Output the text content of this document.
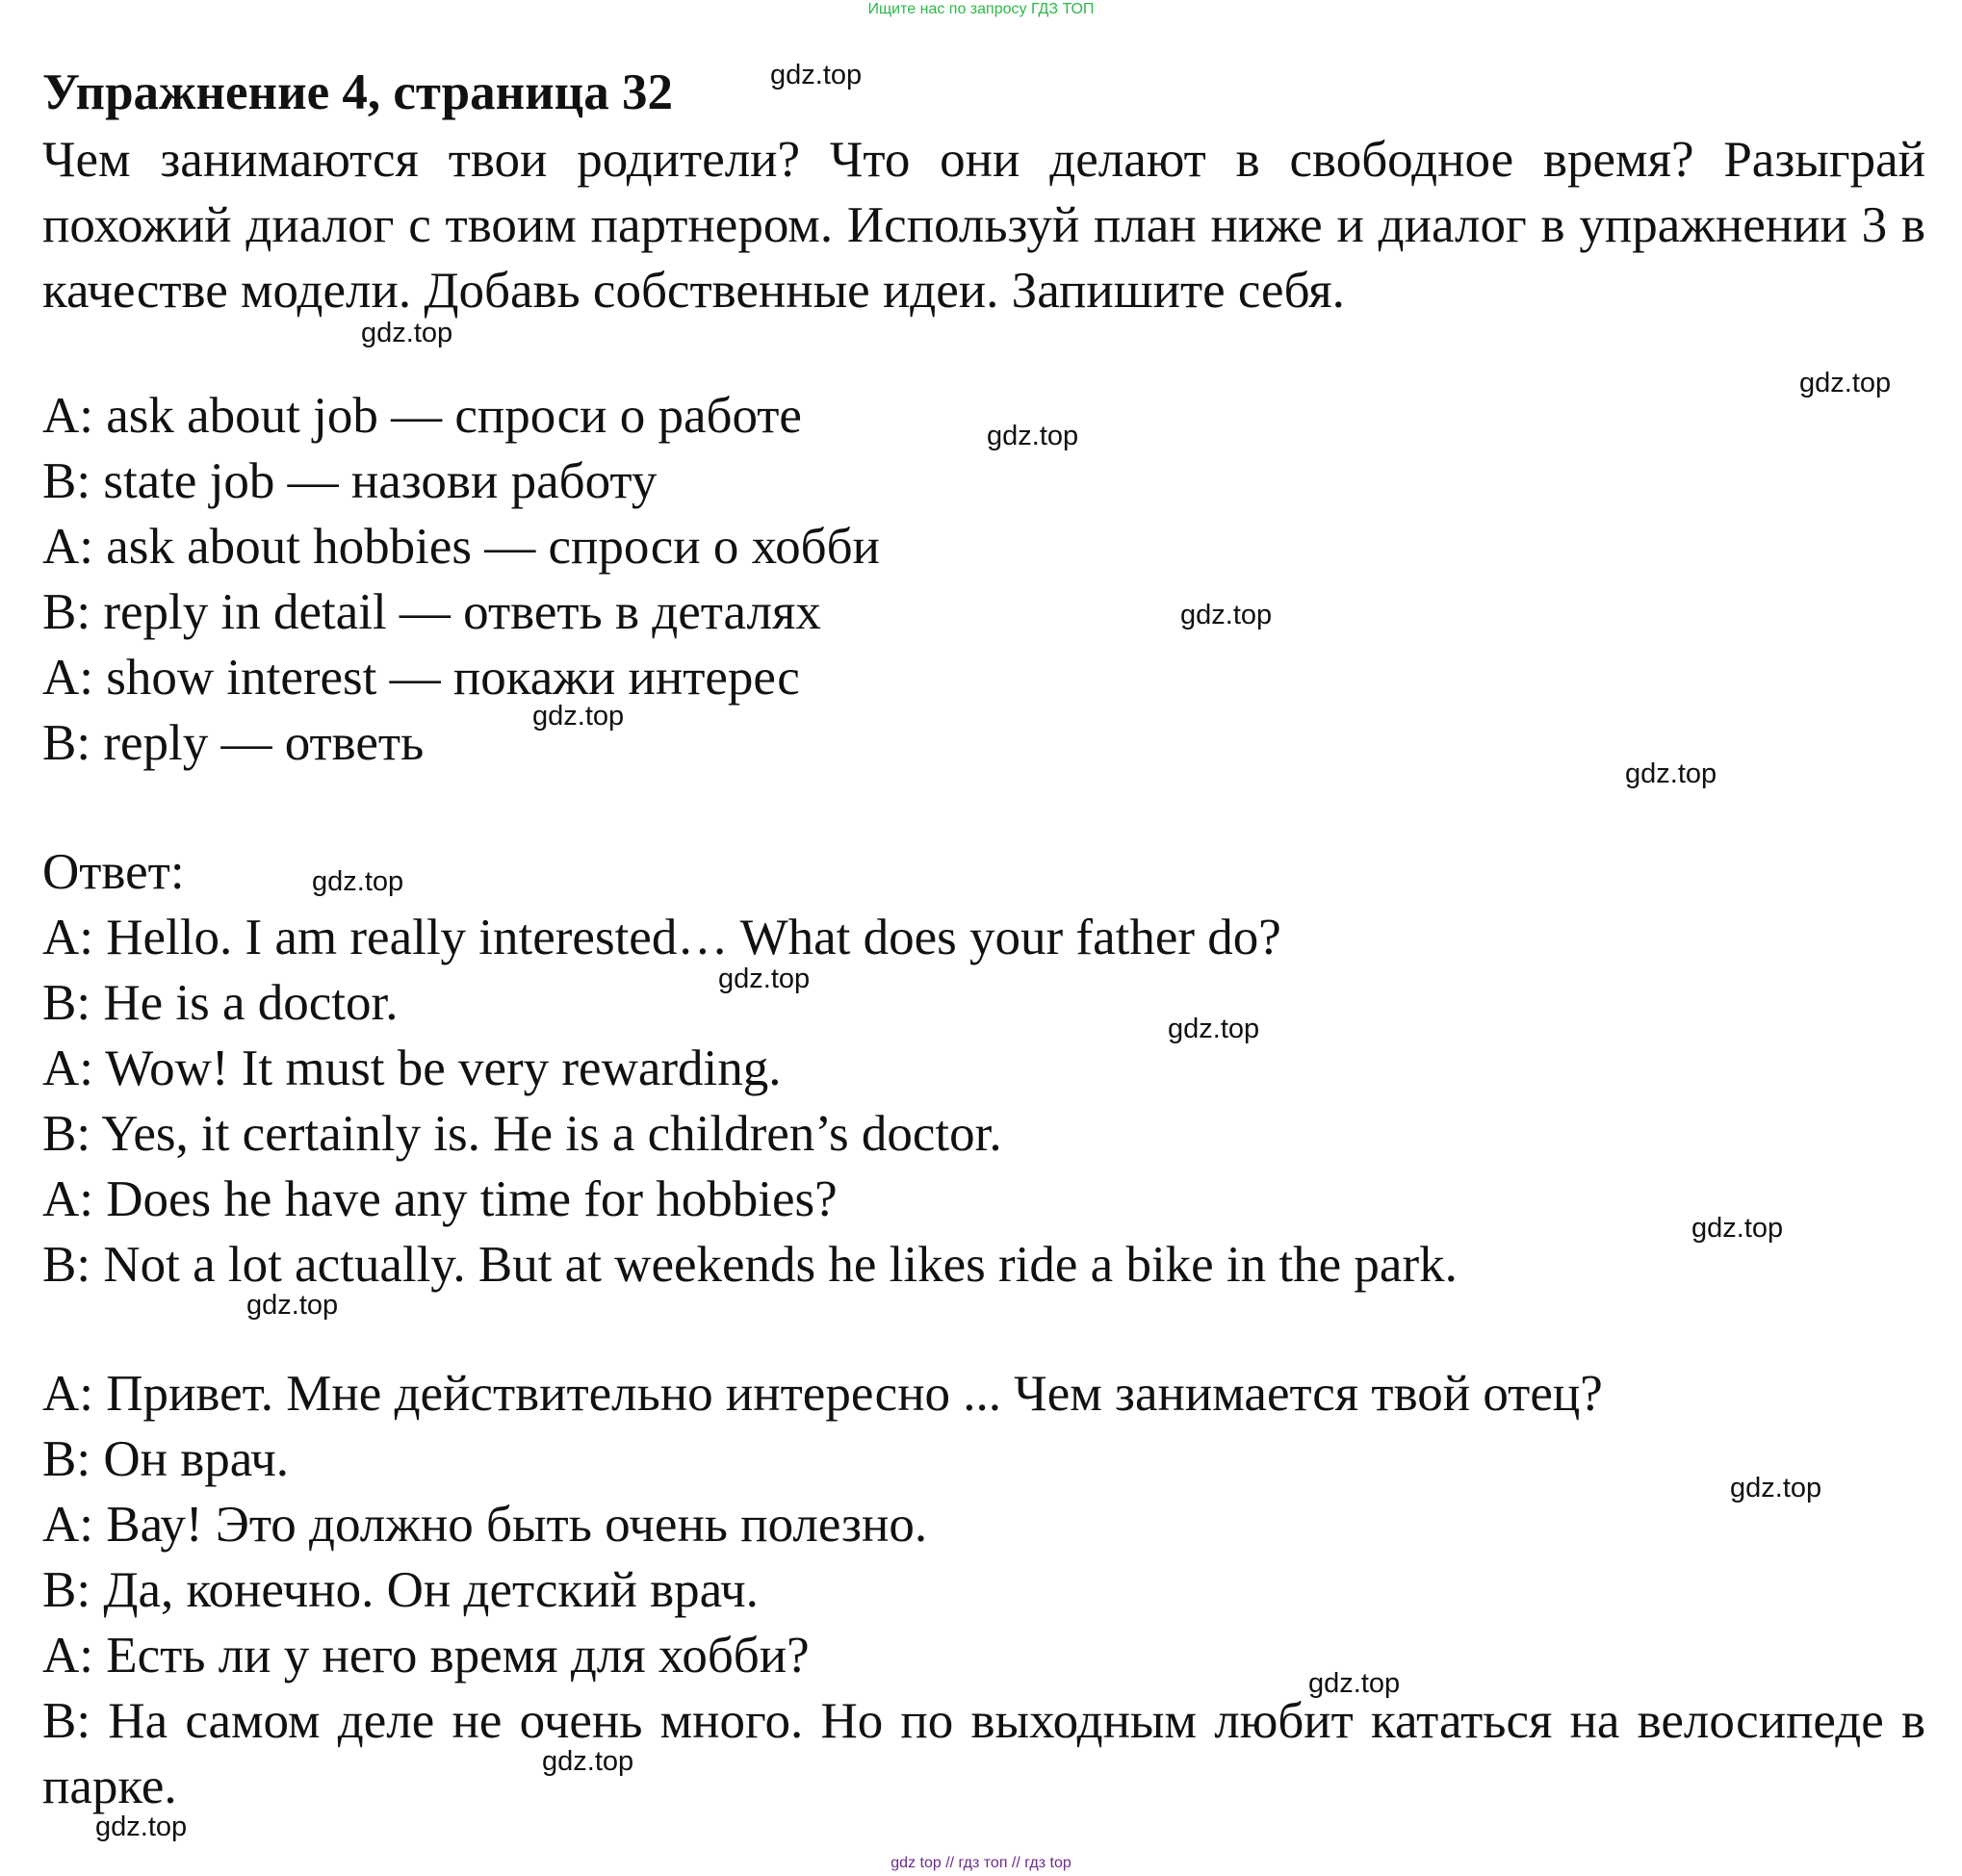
Ищите нас по запросу ГДЗ ТОП
Упражнение 4, страница 32

Чем занимаются твои родители? Что они делают в свободное время? Разыграй похожий диалог с твоим партнером. Используй план ниже и диалог в упражнении 3 в качестве модели. Добавь собственные идеи. Запишите себя.

A: ask about job — спроси о работе
B: state job — назови работу
A: ask about hobbies — спроси о хобби
B: reply in detail — ответь в деталях
A: show interest — покажи интерес
B: reply — ответь

Ответ:

A: Hello. I am really interested… What does your father do?
B: He is a doctor.
A: Wow! It must be very rewarding.
B: Yes, it certainly is. He is a children’s doctor.
A: Does he have any time for hobbies?
B: Not a lot actually. But at weekends he likes ride a bike in the park.
A: Привет. Мне действительно интересно ... Чем занимается твой отец?
B: Он врач.
A: Вау! Это должно быть очень полезно.
B: Да, конечно. Он детский врач.
A: Есть ли у него время для хобби?
B: На самом деле не очень много. Но по выходным любит кататься на велосипеде в парке.
gdz.top
gdz.top
gdz.top
gdz.top
gdz.top
gdz.top
gdz.top
gdz.top
gdz.top
gdz.top
gdz.top
gdz.top
gdz.top
gdz.top
gdz.top
gdz.top
gdz top // гдз топ // гдз top
